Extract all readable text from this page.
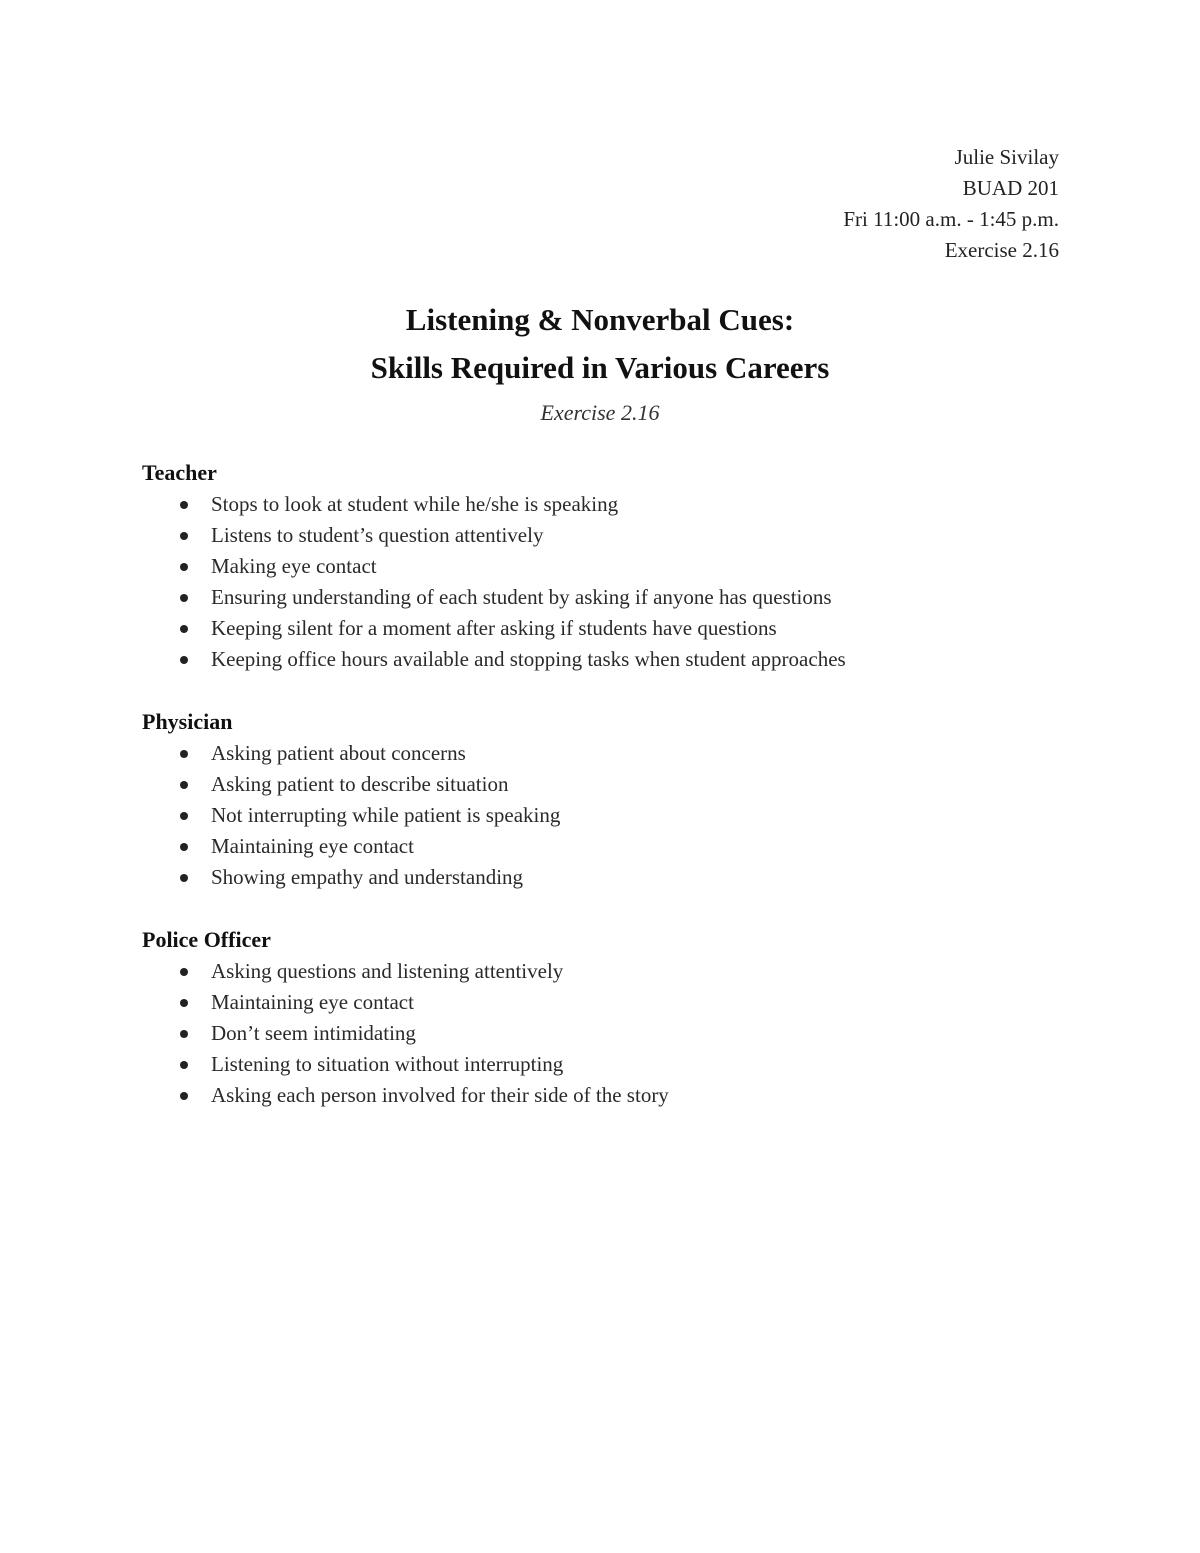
Julie Sivilay
BUAD 201
Fri 11:00 a.m. - 1:45 p.m.
Exercise 2.16
Listening & Nonverbal Cues:
Skills Required in Various Careers
Exercise 2.16
Teacher
Stops to look at student while he/she is speaking
Listens to student’s question attentively
Making eye contact
Ensuring understanding of each student by asking if anyone has questions
Keeping silent for a moment after asking if students have questions
Keeping office hours available and stopping tasks when student approaches
Physician
Asking patient about concerns
Asking patient to describe situation
Not interrupting while patient is speaking
Maintaining eye contact
Showing empathy and understanding
Police Officer
Asking questions and listening attentively
Maintaining eye contact
Don’t seem intimidating
Listening to situation without interrupting
Asking each person involved for their side of the story
